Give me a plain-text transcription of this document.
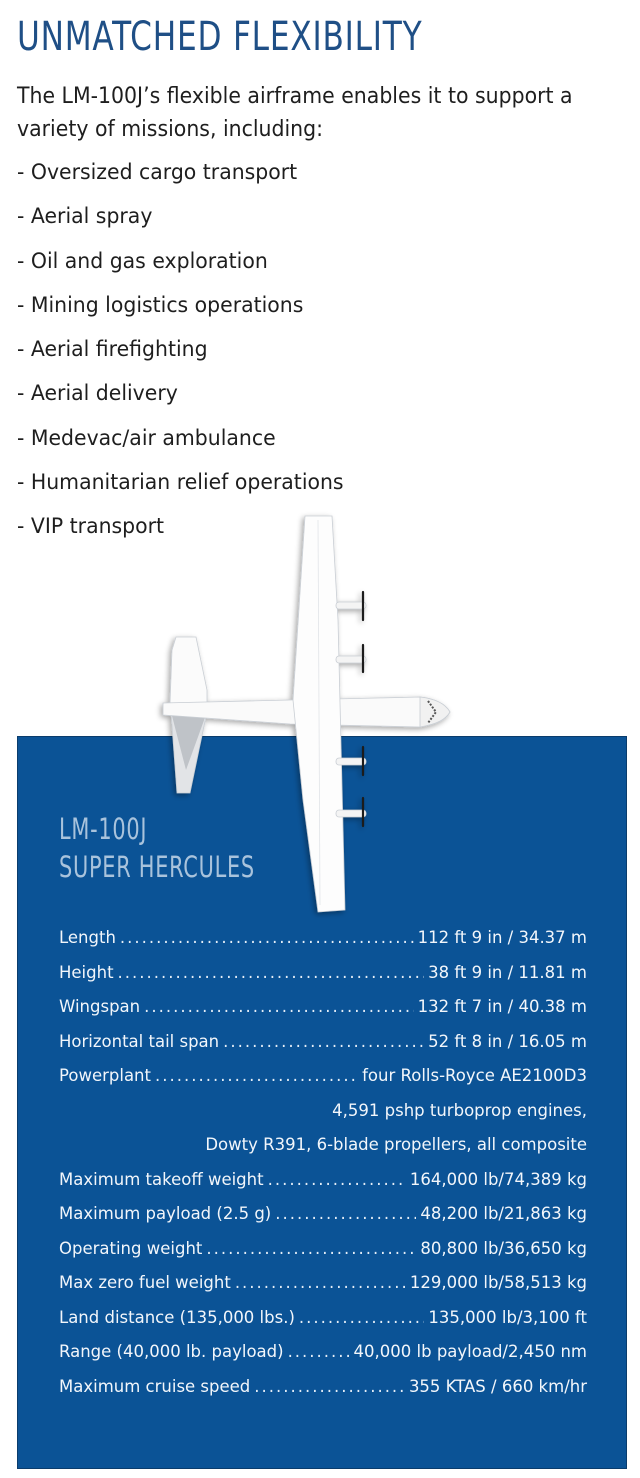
UNMATCHED FLEXIBILITY

The LM-100J’s flexible airframe enables it to support a variety of missions, including:

- Oversized cargo transport
- Aerial spray
- Oil and gas exploration
- Mining logistics operations
- Aerial firefighting
- Aerial delivery
- Medevac/air ambulance
- Humanitarian relief operations
- VIP transport
LM-100J
SUPER HERCULES
Length .....	112 ft 9 in / 34.37 m
Height .....	38 ft 9 in / 11.81 m
Wingspan .....	132 ft 7 in / 40.38 m
Horizontal tail span .....	52 ft 8 in / 16.05 m
Powerplant .....	four Rolls-Royce AE2100D3
4,591 pshp turboprop engines,
Dowty R391, 6-blade propellers, all composite
Maximum takeoff weight .....	164,000 lb/74,389 kg
Maximum payload (2.5 g) .....	48,200 lb/21,863 kg
Operating weight .....	80,800 lb/36,650 kg
Max zero fuel weight .....	129,000 lb/58,513 kg
Land distance (135,000 lbs.) .....	135,000 lb/3,100 ft
Range (40,000 lb. payload) .....	40,000 lb payload/2,450 nm
Maximum cruise speed .....	355 KTAS / 660 km/hr
